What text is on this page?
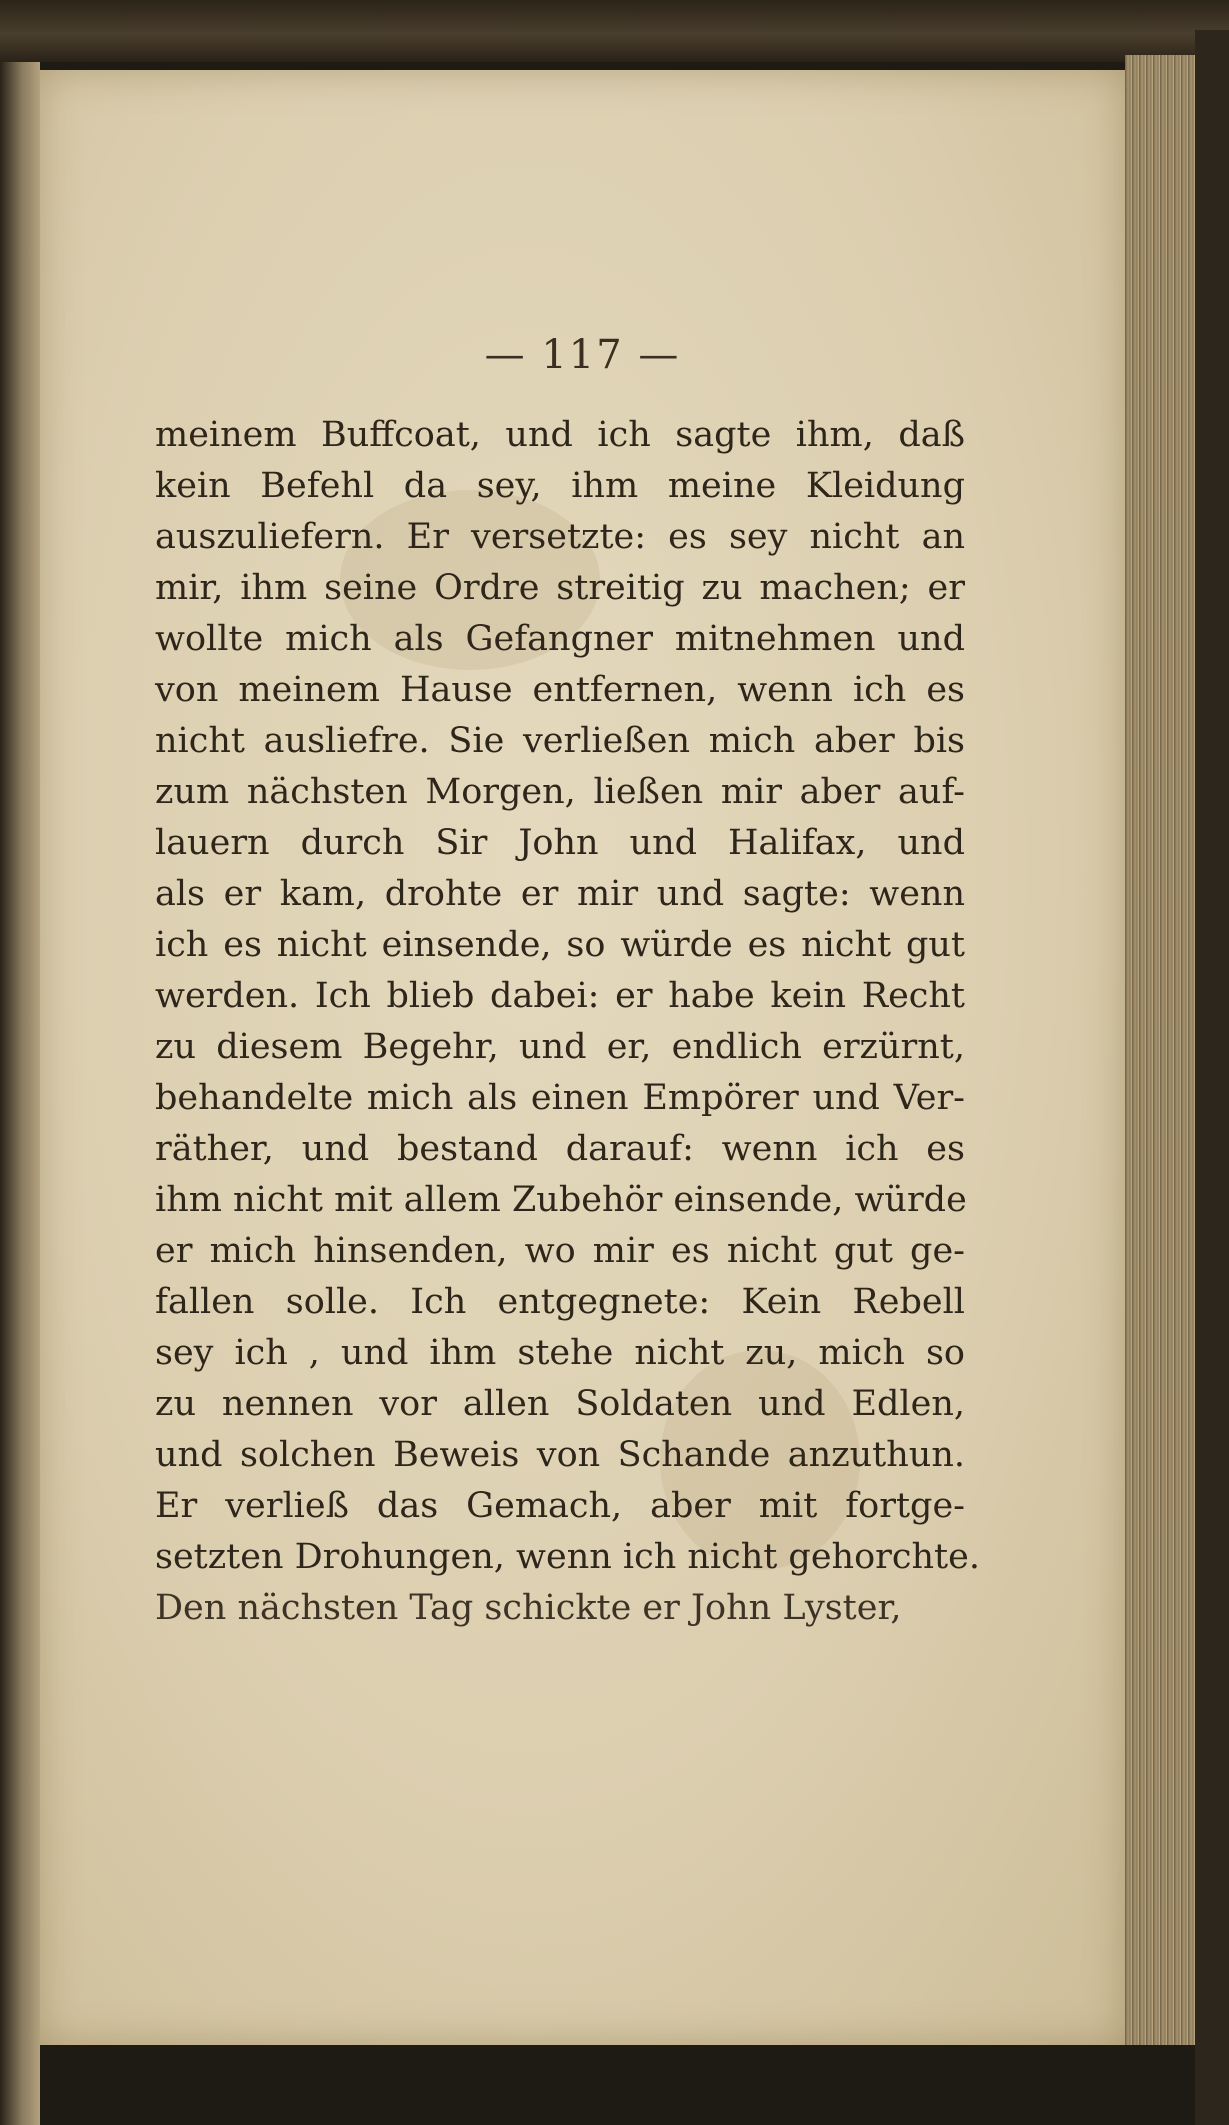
— 117 —
meinem Buffcoat, und ich sagte ihm, daß
kein Befehl da sey, ihm meine Kleidung
auszuliefern. Er versetzte: es sey nicht an
mir, ihm seine Ordre streitig zu machen; er
wollte mich als Gefangner mitnehmen und
von meinem Hause entfernen, wenn ich es
nicht ausliefre. Sie verließen mich aber bis
zum nächsten Morgen, ließen mir aber auf-
lauern durch Sir John und Halifax, und
als er kam, drohte er mir und sagte: wenn
ich es nicht einsende, so würde es nicht gut
werden. Ich blieb dabei: er habe kein Recht
zu diesem Begehr, und er, endlich erzürnt,
behandelte mich als einen Empörer und Ver-
räther, und bestand darauf: wenn ich es
ihm nicht mit allem Zubehör einsende, würde
er mich hinsenden, wo mir es nicht gut ge-
fallen solle. Ich entgegnete: Kein Rebell
sey ich , und ihm stehe nicht zu, mich so
zu nennen vor allen Soldaten und Edlen,
und solchen Beweis von Schande anzuthun.
Er verließ das Gemach, aber mit fortge-
setzten Drohungen, wenn ich nicht gehorchte.
Den nächsten Tag schickte er John Lyster,
